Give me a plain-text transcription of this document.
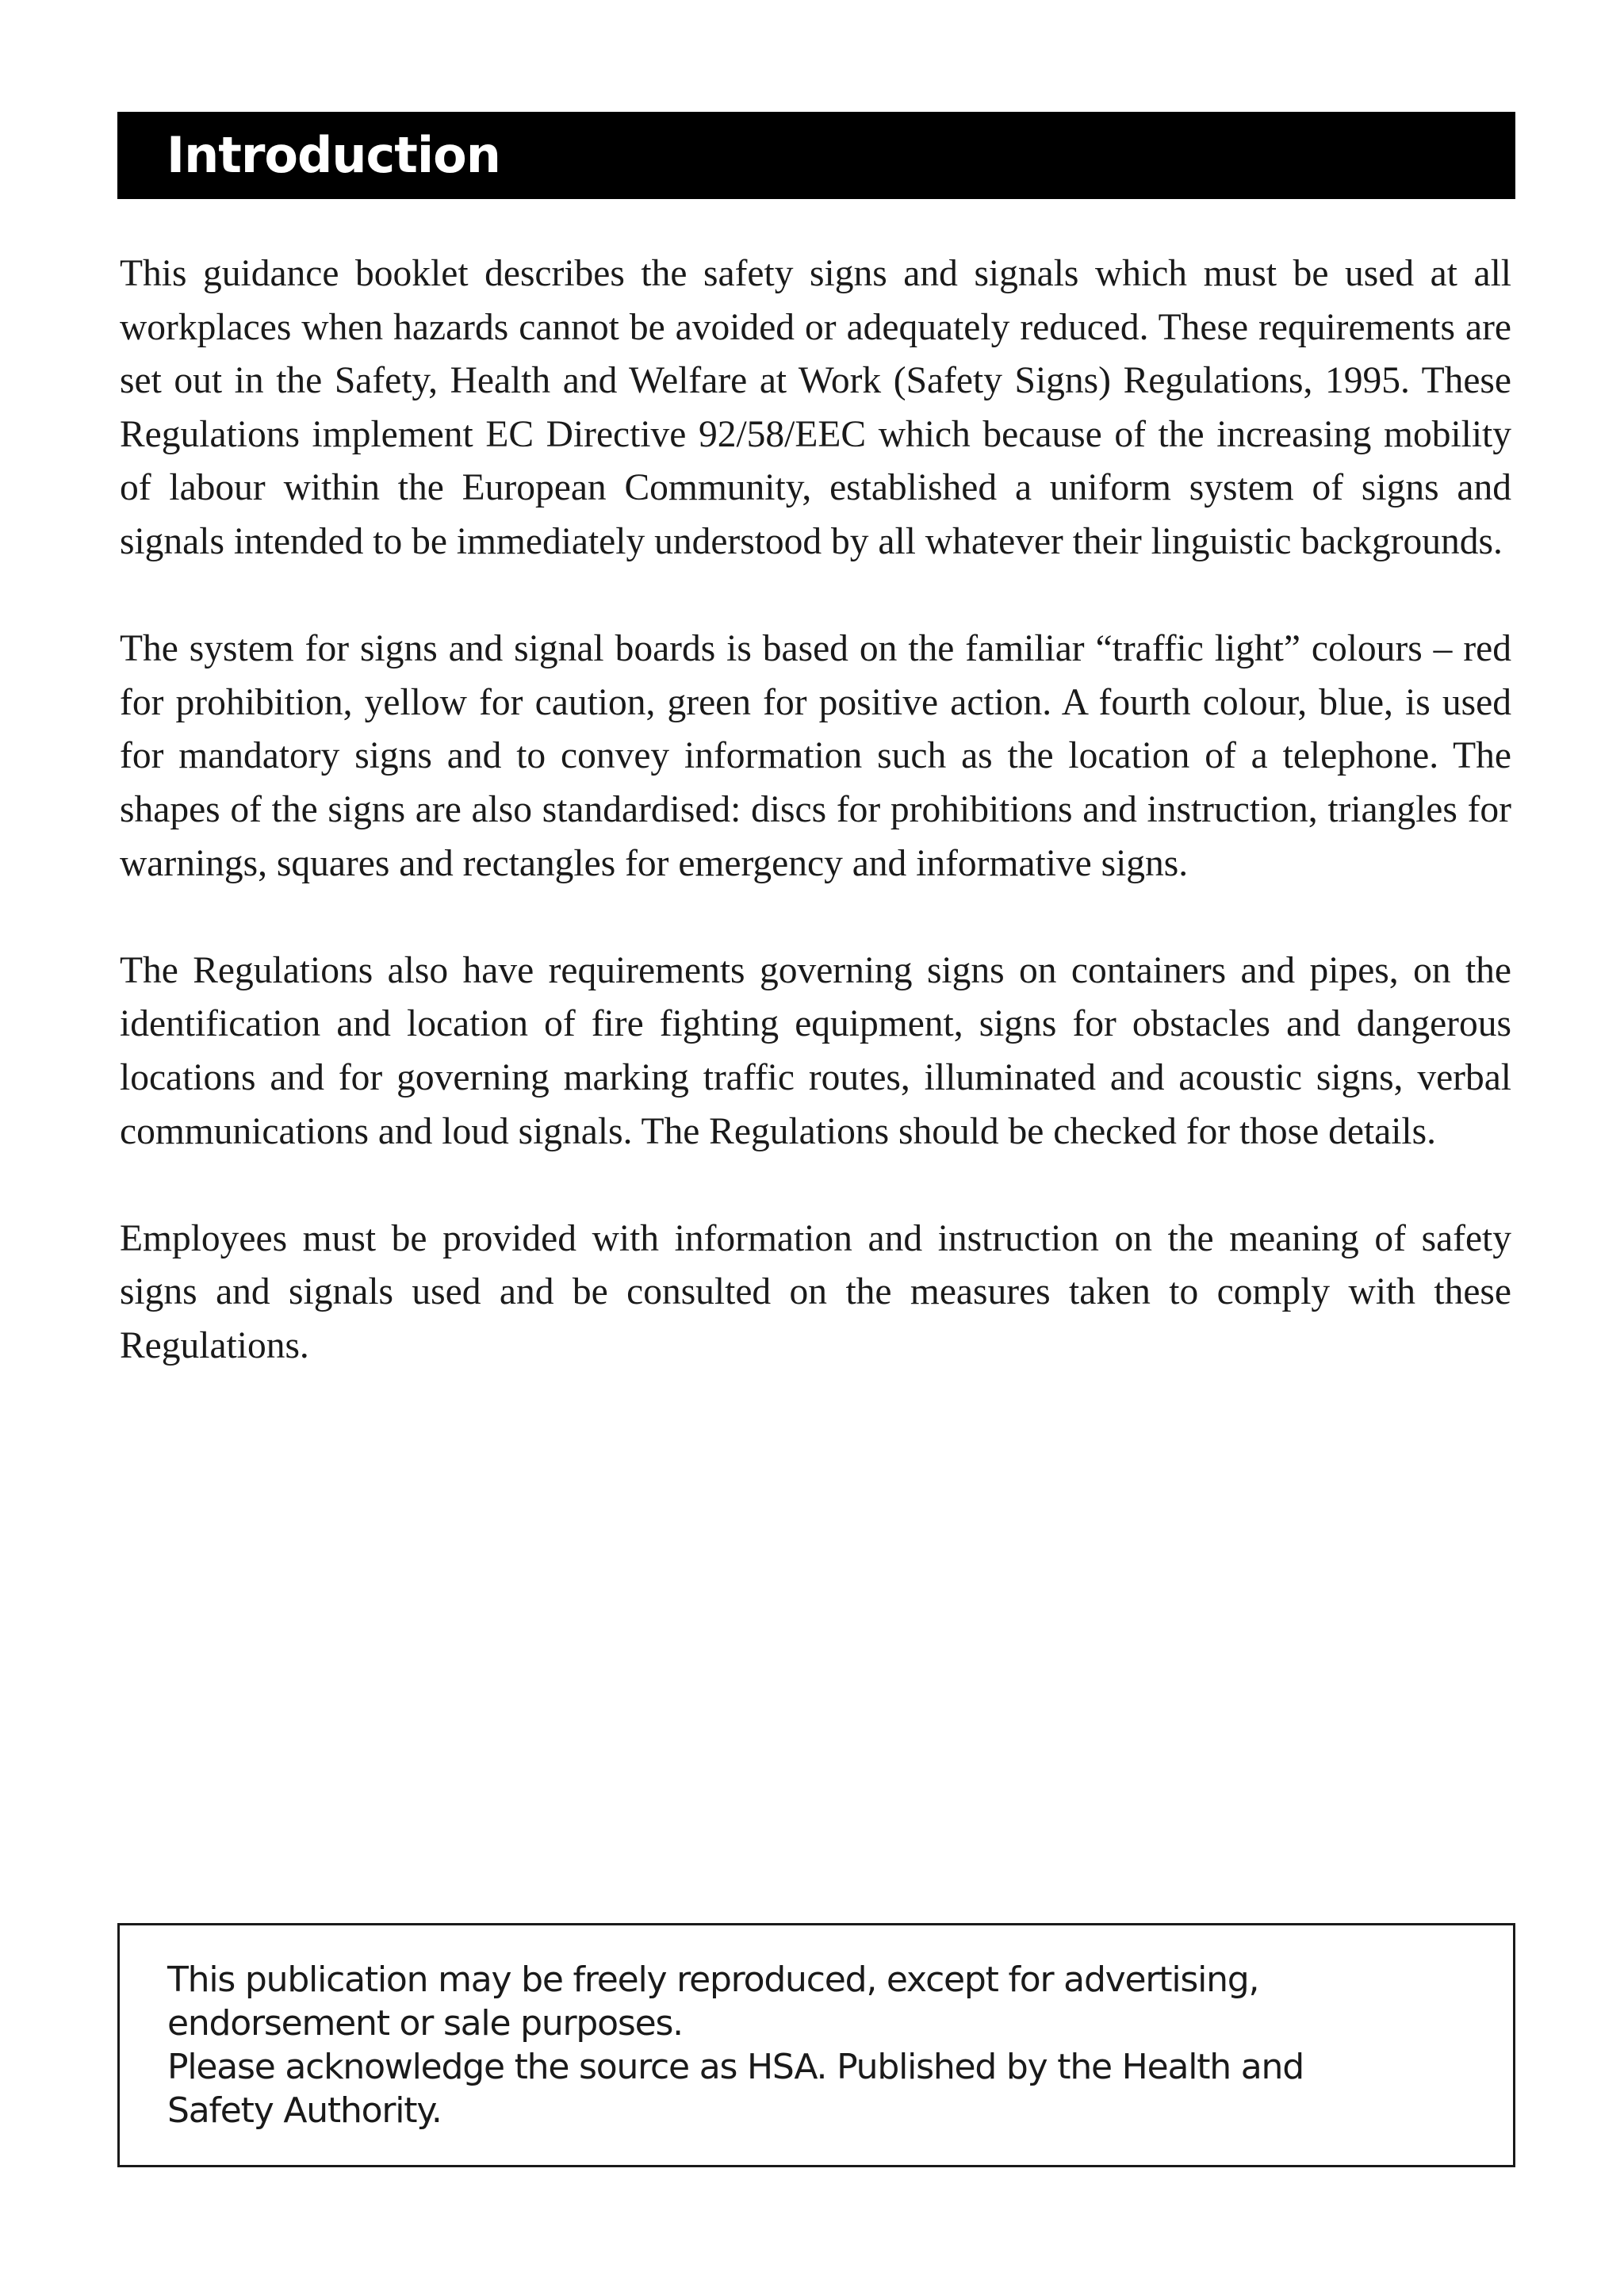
Introduction

This guidance booklet describes the safety signs and signals which must be used at all workplaces when hazards cannot be avoided or adequately reduced. These requirements are set out in the Safety, Health and Welfare at Work (Safety Signs) Regulations, 1995. These Regulations implement EC Directive 92/58/EEC which because of the increasing mobility of labour within the European Community, established a uniform system of signs and signals intended to be immediately understood by all whatever their linguistic backgrounds.

The system for signs and signal boards is based on the familiar “traffic light” colours – red for prohibition, yellow for caution, green for positive action. A fourth colour, blue, is used for mandatory signs and to convey information such as the location of a telephone. The shapes of the signs are also standardised: discs for prohibitions and instruction, triangles for warnings, squares and rectangles for emergency and informative signs.

The Regulations also have requirements governing signs on containers and pipes, on the identification and location of fire fighting equipment, signs for obstacles and dangerous locations and for governing marking traffic routes, illuminated and acoustic signs, verbal communications and loud signals. The Regulations should be checked for those details.

Employees must be provided with information and instruction on the meaning of safety signs and signals used and be consulted on the measures taken to comply with these Regulations.

This publication may be freely reproduced, except for advertising,
endorsement or sale purposes.
Please acknowledge the source as HSA. Published by the Health and
Safety Authority.
